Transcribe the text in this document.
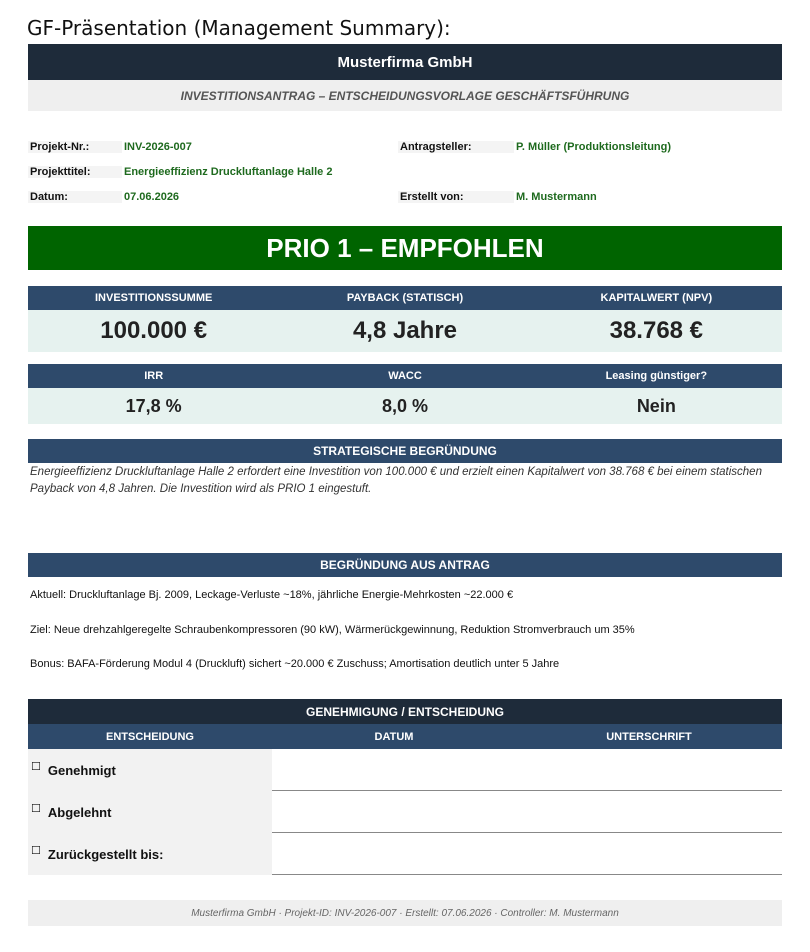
GF-Präsentation (Management Summary):
Musterfirma GmbH
INVESTITIONSANTRAG – ENTSCHEIDUNGSVORLAGE GESCHÄFTSFÜHRUNG
Projekt-Nr.:	INV-2026-007
Projekttitel:	Energieeffizienz Druckluftanlage Halle 2
Datum:	07.06.2026
Antragsteller:	P. Müller (Produktionsleitung)
Erstellt von:	M. Mustermann
PRIO 1 – EMPFOHLEN
INVESTITIONSSUMME	PAYBACK (STATISCH)	KAPITALWERT (NPV)
100.000 €	4,8 Jahre	38.768 €
IRR	WACC	Leasing günstiger?
17,8 %	8,0 %	Nein
STRATEGISCHE BEGRÜNDUNG
Energieeffizienz Druckluftanlage Halle 2 erfordert eine Investition von 100.000 € und erzielt einen Kapitalwert von 38.768 € bei einem statischen Payback von 4,8 Jahren. Die Investition wird als PRIO 1 eingestuft.
BEGRÜNDUNG AUS ANTRAG
Aktuell: Druckluftanlage Bj. 2009, Leckage-Verluste ~18%, jährliche Energie-Mehrkosten ~22.000 €
Ziel: Neue drehzahlgeregelte Schraubenkompressoren (90 kW), Wärmerückgewinnung, Reduktion Stromverbrauch um 35%
Bonus: BAFA-Förderung Modul 4 (Druckluft) sichert ~20.000 € Zuschuss; Amortisation deutlich unter 5 Jahre
GENEHMIGUNG / ENTSCHEIDUNG
ENTSCHEIDUNG	DATUM	UNTERSCHRIFT
☐ Genehmigt
☐ Abgelehnt
☐ Zurückgestellt bis:
Musterfirma GmbH · Projekt-ID: INV-2026-007 · Erstellt: 07.06.2026 · Controller: M. Mustermann
